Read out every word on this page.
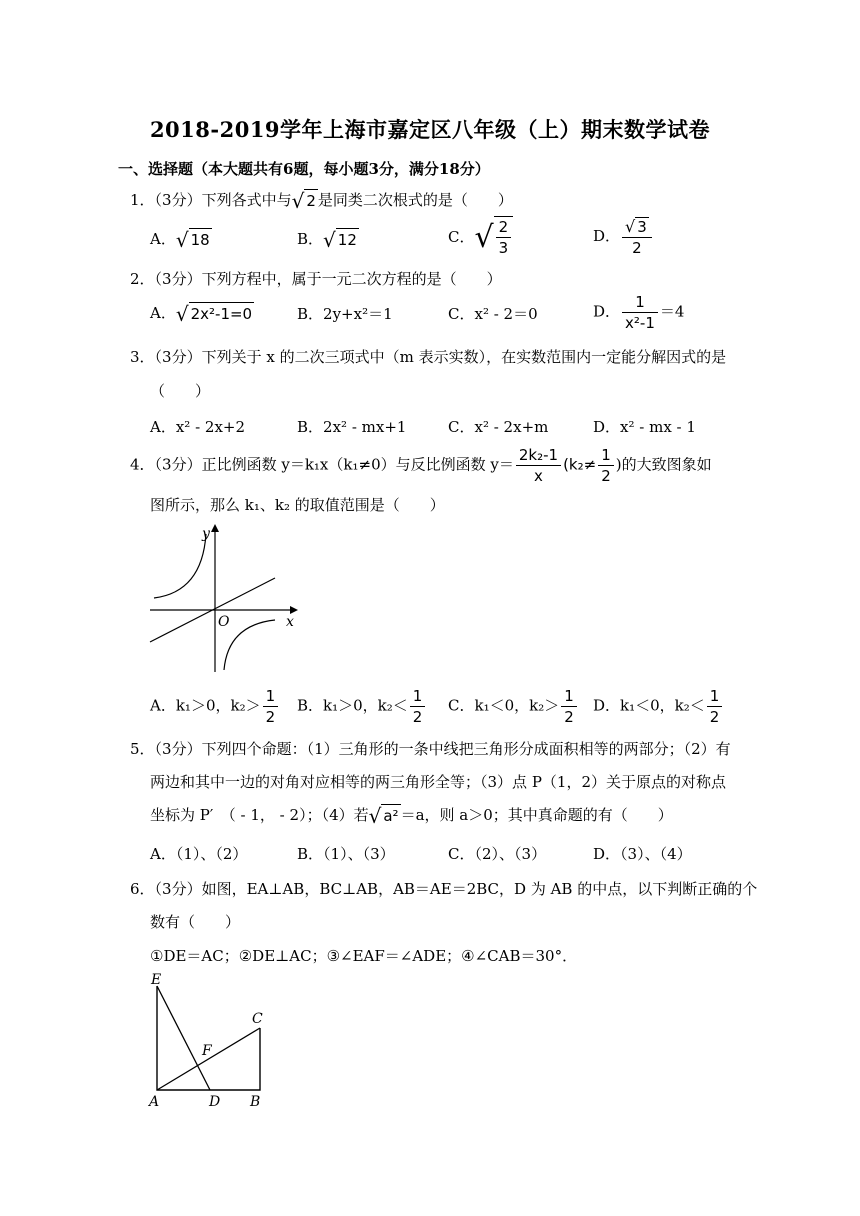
2018-2019学年上海市嘉定区八年级（上）期末数学试卷
一、选择题（本大题共有6题，每小题3分，满分18分）
1．（3分）下列各式中与 √ 2 是同类二次根式的是（　　）
A． √ 18	B． √ 12	C． √ $\frac{2}{3}$	D． $\frac{√ 3}{2}$
2．（3分）下列方程中，属于一元二次方程的是（　　）
A． √ 2x²-1=0	B．2y+x²＝1	C．x² - 2＝0	D． $\frac{1}{\text{x²-1}} =4$
3．（3分）下列关于 x 的二次三项式中（m 表示实数），在实数范围内一定能分解因式的是
（　　）
A．x² - 2x+2	B．2x² - mx+1	C．x² - 2x+m	D．x² - mx - 1
4．（3分）正比例函数 y＝k₁x（k₁≠0）与反比例函数 $y= \frac{\text{2k₂-1}}{x} (k_2\ne \frac{1}{2}$ )的大致图象如
图所示，那么 k₁、k₂ 的取值范围是（　　）
y
x
O
A．k₁＞0，$k_2> \frac{1}{2}$ B．k₁＞0，$k_2< \frac{1}{2}$ C．k₁＜0，$k_2> \frac{1}{2}$ D．k₁＜0，$k_2< \frac{1}{2}$
5．（3分）下列四个命题：（1）三角形的一条中线把三角形分成面积相等的两部分；（2）有
两边和其中一边的对角对应相等的两三角形全等；（3）点 P（1，2）关于原点的对称点
坐标为 P′　（ - 1， - 2）；（4）若 √ a² ＝a，则 a＞0；其中真命题的有（　　）
A．（1）、（2）	B．（1）、（3）	C．（2）、（3）	D．（3）、（4）
6．（3分）如图，EA⊥AB，BC⊥AB，AB＝AE＝2BC，D 为 AB 的中点，以下判断正确的个
数有（　　）
①DE＝AC；②DE⊥AC；③∠EAF＝∠ADE；④∠CAB＝30°．
E
C
F
A	D B
